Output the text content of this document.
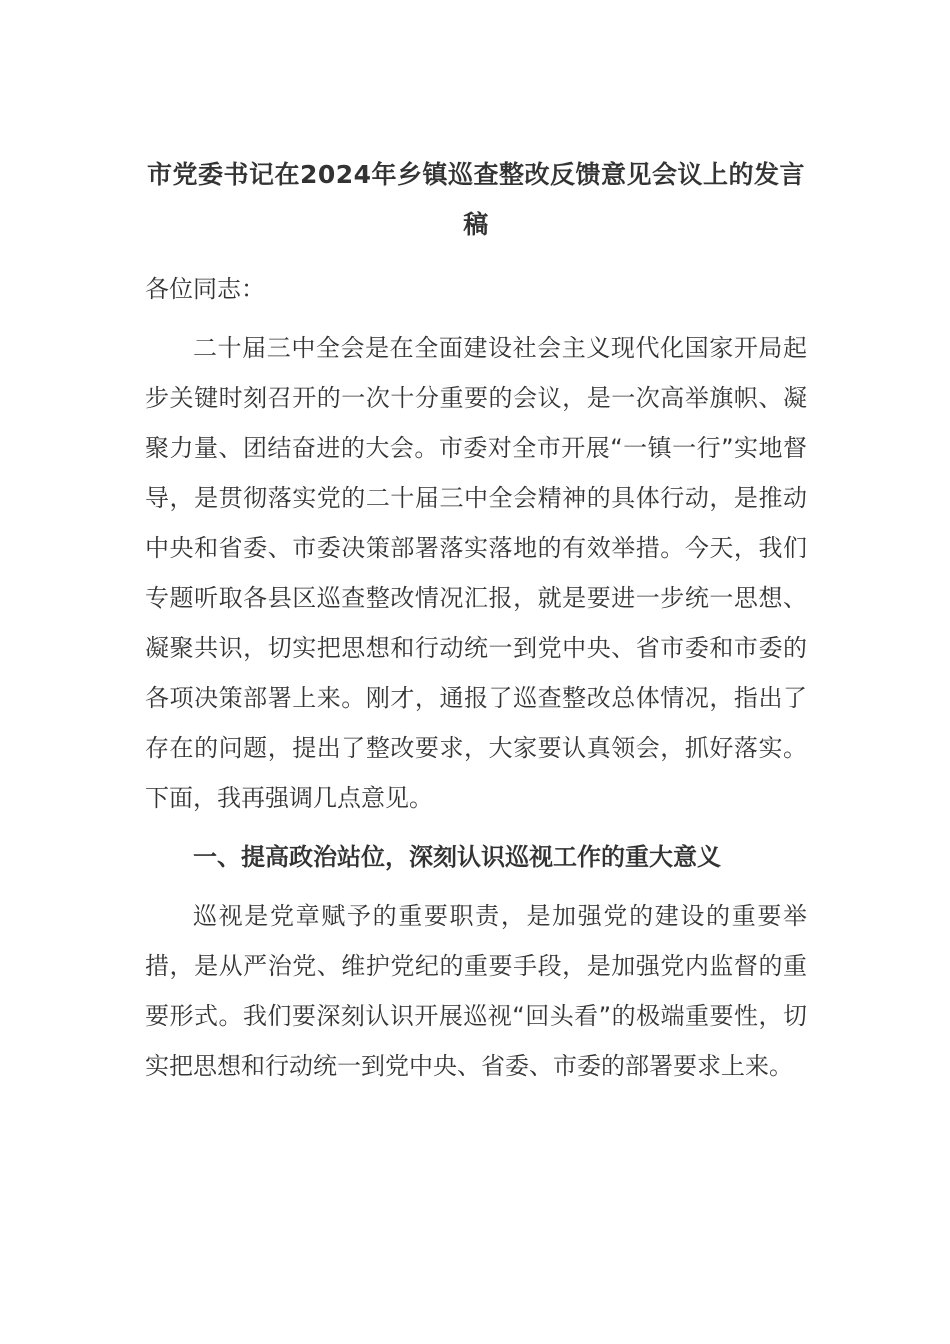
市党委书记在2024年乡镇巡查整改反馈意见会议上的发言稿

各位同志：

二十届三中全会是在全面建设社会主义现代化国家开局起步关键时刻召开的一次十分重要的会议，是一次高举旗帜、凝聚力量、团结奋进的大会。市委对全市开展“一镇一行”实地督导，是贯彻落实党的二十届三中全会精神的具体行动，是推动中央和省委、市委决策部署落实落地的有效举措。今天，我们专题听取各县区巡查整改情况汇报，就是要进一步统一思想、凝聚共识，切实把思想和行动统一到党中央、省市委和市委的各项决策部署上来。刚才，通报了巡查整改总体情况，指出了存在的问题，提出了整改要求，大家要认真领会，抓好落实。下面，我再强调几点意见。

一、提高政治站位，深刻认识巡视工作的重大意义

巡视是党章赋予的重要职责，是加强党的建设的重要举措，是从严治党、维护党纪的重要手段，是加强党内监督的重要形式。我们要深刻认识开展巡视“回头看”的极端重要性，切实把思想和行动统一到党中央、省委、市委的部署要求上来。
